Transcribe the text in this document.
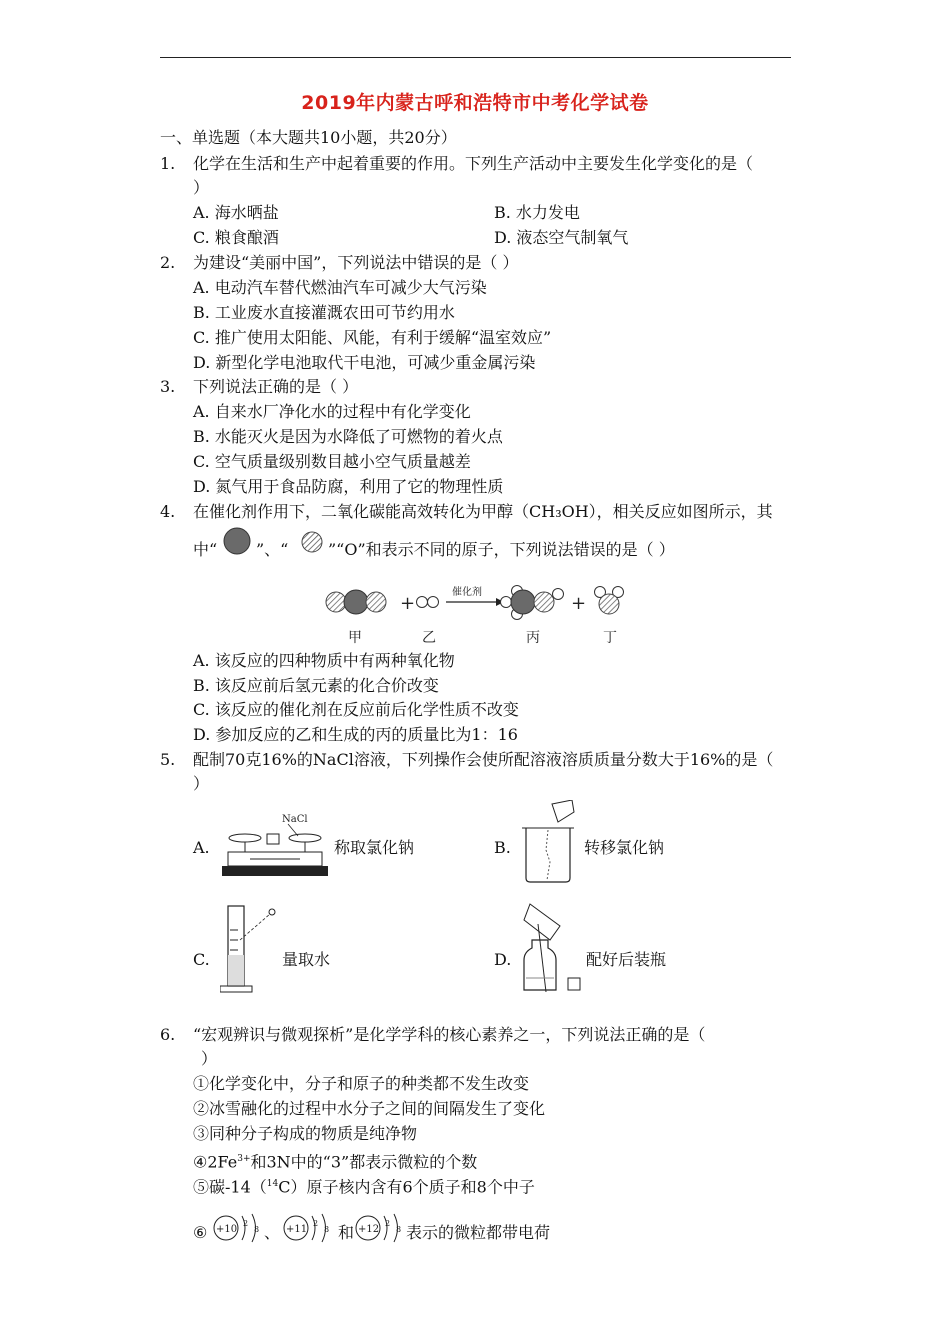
2019年内蒙古呼和浩特市中考化学试卷
一、单选题（本大题共10小题，共20分）
1. 化学在生活和生产中起着重要的作用。下列生产活动中主要发生化学变化的是（
）
A. 海水晒盐	B. 水力发电
C. 粮食酿酒	D. 液态空气制氧气
2. 为建设“美丽中国”，下列说法中错误的是（ ）
A. 电动汽车替代燃油汽车可减少大气污染
B. 工业废水直接灌溉农田可节约用水
C. 推广使用太阳能、风能，有利于缓解“温室效应”
D. 新型化学电池取代干电池，可减少重金属污染
3. 下列说法正确的是（ ）
A. 自来水厂净化水的过程中有化学变化
B. 水能灭火是因为水降低了可燃物的着火点
C. 空气质量级别数目越小空气质量越差
D. 氮气用于食品防腐，利用了它的物理性质
4. 在催化剂作用下，二氧化碳能高效转化为甲醇（CH₃OH），相关反应如图所示，其
中“ ”、“ ”“O”和表示不同的原子，下列说法错误的是（ ）
+
催化剂
+
甲	乙	丙	丁
A. 该反应的四种物质中有两种氧化物
B. 该反应前后氢元素的化合价改变
C. 该反应的催化剂在反应前后化学性质不改变
D. 参加反应的乙和生成的丙的质量比为1：16
5. 配制70克16%的NaCl溶液，下列操作会使所配溶液溶质质量分数大于16%的是（
）
A.
NaCl
称取氯化钠	B.	转移氯化钠
C.	量取水	D.	配好后装瓶
6. “宏观辨识与微观探析”是化学学科的核心素养之一，下列说法正确的是（
）
①化学变化中，分子和原子的种类都不发生改变
②冰雪融化的过程中水分子之间的间隔发生了变化
③同种分子构成的物质是纯净物
$④2Fe^{3+}$和3N中的“3”都表示微粒的个数
⑤碳-14（$^{14}$C）原子核内含有6个质子和8个中子
⑥ +10
2
8 、 +11
2
8 和 +12
2
8 表示的微粒都带电荷
